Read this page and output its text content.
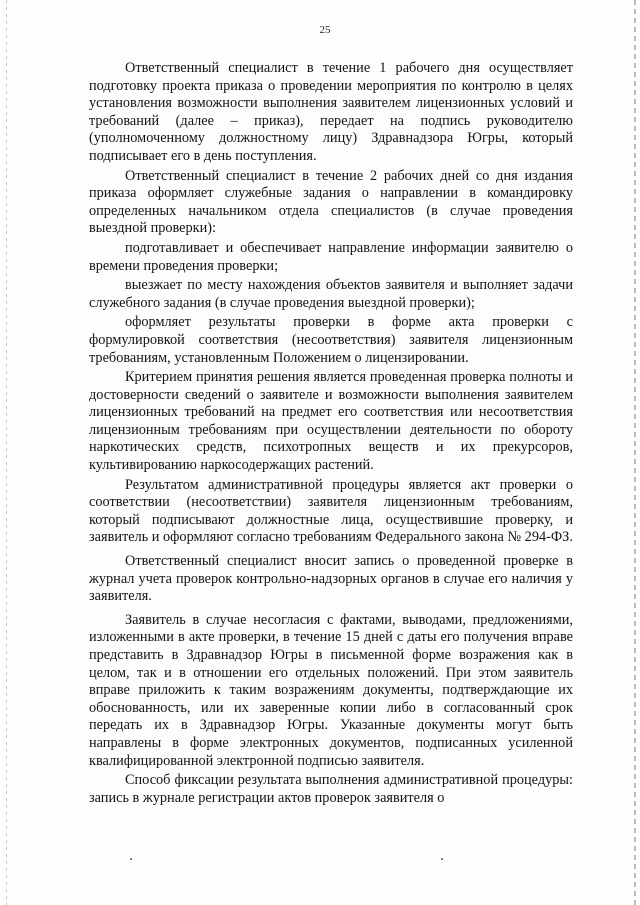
25

Ответственный специалист в течение 1 рабочего дня осуществляет подготовку проекта приказа о проведении мероприятия по контролю в целях установления возможности выполнения заявителем лицензионных условий и требований (далее – приказ), передает на подпись руководителю (уполномоченному должностному лицу) Здравнадзора Югры, который подписывает его в день поступления.

Ответственный специалист в течение 2 рабочих дней со дня издания приказа оформляет служебные задания о направлении в командировку определенных начальником отдела специалистов (в случае проведения выездной проверки):

подготавливает и обеспечивает направление информации заявителю о времени проведения проверки;

выезжает по месту нахождения объектов заявителя и выполняет задачи служебного задания (в случае проведения выездной проверки);

оформляет результаты проверки в форме акта проверки с формулировкой соответствия (несоответствия) заявителя лицензионным требованиям, установленным Положением о лицензировании.

Критерием принятия решения является проведенная проверка полноты и достоверности сведений о заявителе и возможности выполнения заявителем лицензионных требований на предмет его соответствия или несоответствия лицензионным требованиям при осуществлении деятельности по обороту наркотических средств, психотропных веществ и их прекурсоров, культивированию наркосодержащих растений.

Результатом административной процедуры является акт проверки о соответствии (несоответствии) заявителя лицензионным требованиям, который подписывают должностные лица, осуществившие проверку, и заявитель и оформляют согласно требованиям Федерального закона № 294-ФЗ.

Ответственный специалист вносит запись о проведенной проверке в журнал учета проверок контрольно-надзорных органов в случае его наличия у заявителя.

Заявитель в случае несогласия с фактами, выводами, предложениями, изложенными в акте проверки, в течение 15 дней с даты его получения вправе представить в Здравнадзор Югры в письменной форме возражения как в целом, так и в отношении его отдельных положений. При этом заявитель вправе приложить к таким возражениям документы, подтверждающие их обоснованность, или их заверенные копии либо в согласованный срок передать их в Здравнадзор Югры. Указанные документы могут быть направлены в форме электронных документов, подписанных усиленной квалифицированной электронной подписью заявителя.

Способ фиксации результата выполнения административной процедуры: запись в журнале регистрации актов проверок заявителя о
